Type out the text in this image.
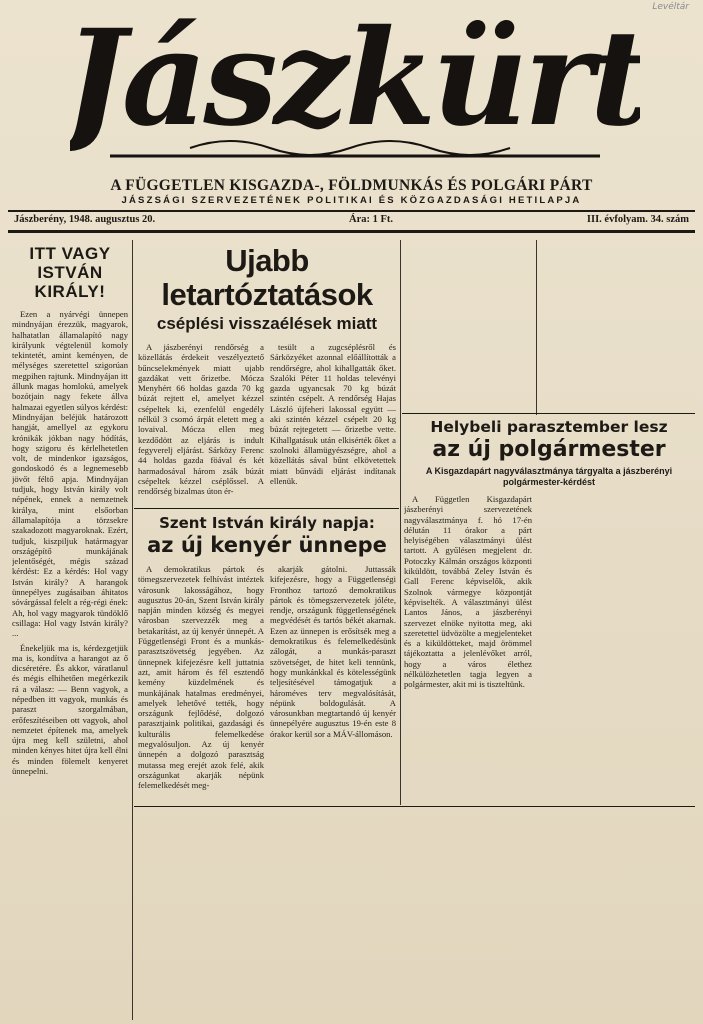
Levéltár
Jászkürt
A FÜGGETLEN KISGAZDA-, FÖLDMUNKÁS ÉS POLGÁRI PÁRT
JÁSZSÁGI SZERVEZETÉNEK POLITIKAI ÉS KÖZGAZDASÁGI HETILAPJA
Jászberény, 1948. augusztus 20.	Ára: 1 Ft.	III. évfolyam. 34. szám
ITT VAGY ISTVÁN KIRÁLY!

Ezen a nyárvégi ünnepen mindnyájan érezzük, magyarok, halhatatlan államalapító nagy királyunk végtelenül komoly tekintetét, amint keményen, de mélységes szeretettel szigorúan megpihen rajtunk. Mindnyájan itt állunk magas homlokú, amelyek bozótjain nagy fekete állva halmazai egyetlen súlyos kérdést: Mindnyájan beléjük határozott hangját, amellyel az egykoru krónikák jókban nagy hódítás, hogy szigoru és kérlelhetetlen volt, de mindenkor igazságos, gondoskodó és a legnemesebb jövőt féltő apja. Mindnyájan tudjuk, hogy István király volt népének, ennek a nemzetnek királya, mint elsőorban államalapítója a törzsekre szakadozott magyaroknak. Ezért, tudjuk, kiszpiljuk határmagyar országépítő munkájának jelentőségét, mégis század kérdést: Ez a kérdés: Hol vagy István király? A harangok ünnepélyes zugásaiban áhitatos sóvárgással felelt a rég-régi ének: Ah, hol vagy magyarok tündöklő csillaga: Hol vagy István király? ...

Énekeljük ma is, kérdezgetjük ma is, kondítva a harangot az ő dicséretére. És akkor, váratlanul és mégis elhihetően megérkezik rá a válasz: — Benn vagyok, a népedben itt vagyok, munkás és paraszt szorgalmában, erőfeszítéseiben ott vagyok, ahol nemzetet építenek ma, amelyek újra meg kell születni, ahol minden kényes hitet újra kell élni és minden fölemelt kenyeret ünnepelni.

Ujabb letartóztatások
cséplési visszaélések miatt

A jászberényi rendőrség a közellátás érdekeit veszélyeztető bűncselekmények miatt ujabb gazdákat vett őrizetbe. Mócza Menyhért 66 holdas gazda 70 kg búzát rejtett el, amelyet kézzel csépeltek ki, ezenfelül engedély nélkül 3 csomó árpát eletett meg a lovaival. Mócza ellen meg kezdődött az eljárás is indult fegyverelj eljárást. Sárközy Ferenc 44 holdas gazda föával és két harmadosával három zsák búzát csépeltek kézzel cséplőssel. A rendőrség bizalmas úton ér-

tesült a zugcséplésről és Sárközyéket azonnal előállították a rendőrségre, ahol kihallgatták őket. Szalóki Péter 11 holdas televényi gazda ugyancsak 70 kg búzát szintén csépelt. A rendőrség Hajas László újfeheri lakossal együtt — aki szintén kézzel csépelt 20 kg búzát rejtegetett — őrizetbe vette. Kihallgatásuk után elkisérték őket a szolnoki államügyészségre, ahol a közellátás sával bűnt elkövetettek miatt bűnvádi eljárást indítanak ellenük.

Szent István király napja:
az új kenyér ünnepe

A demokratikus pártok és tömegszervezetek felhívást intéztek városunk lakosságához, hogy augusztus 20-án, Szent István király napján minden község és megyei városban szervezzék meg a betakarítást, az új kenyér ünnepét. A Függetlenségi Front és a munkás-parasztszövetség jegyében. Az ünnepnek kifejezésre kell juttatnia azt, amit három és fél esztendő kemény küzdelmének és munkájának hatalmas eredményei, amelyek lehetővé tették, hogy országunk fejlődésé, dolgozó parasztjaink politikai, gazdasági és kulturális felemelkedése megvalósuljon. Az új kenyér ünnepén a dolgozó parasztság mutassa meg erejét azok felé, akik országunkat akarják népünk felemelkedését meg-

akarják gátolni. Juttassák kifejezésre, hogy a Függetlenségi Fronthoz tartozó demokratikus pártok és tömegszervezetek jóléte, rendje, országunk függetlenségének megvédését és tartós békét akarnak. Ezen az ünnepen is erősítsék meg a demokratikus és felemelkedésünk zálogát, a munkás-paraszt szövetséget, de hitet keli tennünk, hogy munkánkkal és kötelességünk teljesítésével támogatjuk a hároméves terv megvalósítását, népünk boldogulását. A városunkban megtartandó új kenyér ünnepélyére augusztus 19-én este 8 órakor kerül sor a MÁV-állomáson.

Helybeli parasztember lesz
az új polgármester
A Kisgazdapárt nagyválasztmánya tárgyalta a jászberényi polgármester-kérdést

A Független Kisgazdapárt jászberényi szervezetének nagyválasztmánya f. hó 17-én délután 11 órakor a párt helyiségében választmányi ülést tartott. A gyűlésen megjelent dr. Potoczky Kálmán országos központi kiküldött, továbbá Zeley István és Gall Ferenc képviselők, akik Szolnok vármegye központját képviselték. A választmányi ülést Lantos János, a jászberényi szervezet elnöke nyitotta meg, aki szeretettel üdvözölte a megjelenteket és a kiküldötteket, majd örömmel tájékoztatta a jelenlévőket arról, hogy a város élethez nélkülözhetetlen tagja legyen a polgármester, akit mi is tiszteltünk.
